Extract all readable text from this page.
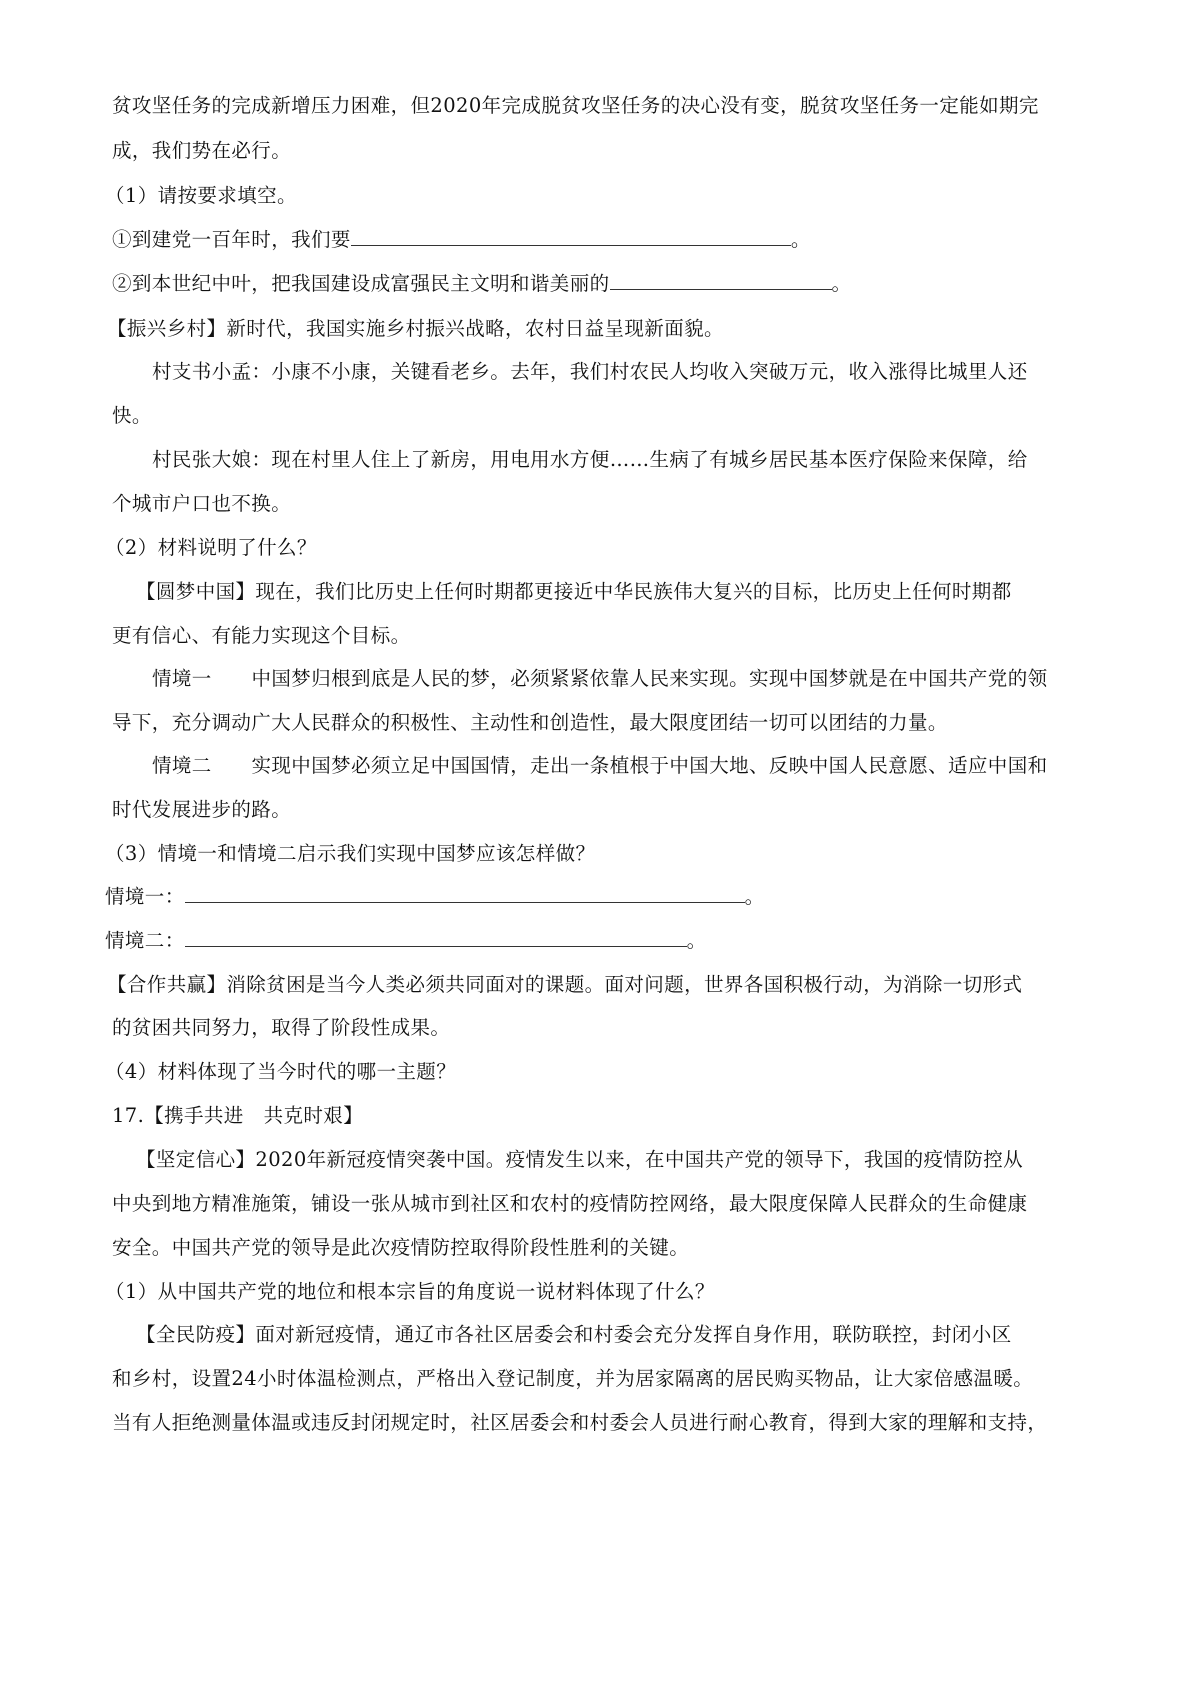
贫攻坚任务的完成新增压力困难，但2020年完成脱贫攻坚任务的决心没有变，脱贫攻坚任务一定能如期完
成，我们势在必行。
（1）请按要求填空。
①到建党一百年时，我们要	。
②到本世纪中叶，把我国建设成富强民主文明和谐美丽的	。
【振兴乡村】新时代，我国实施乡村振兴战略，农村日益呈现新面貌。
村支书小孟：小康不小康，关键看老乡。去年，我们村农民人均收入突破万元，收入涨得比城里人还
快。
村民张大娘：现在村里人住上了新房，用电用水方便……生病了有城乡居民基本医疗保险来保障，给
个城市户口也不换。
（2）材料说明了什么？
【圆梦中国】现在，我们比历史上任何时期都更接近中华民族伟大复兴的目标，比历史上任何时期都
更有信心、有能力实现这个目标。
情境一　　中国梦归根到底是人民的梦，必须紧紧依靠人民来实现。实现中国梦就是在中国共产党的领
导下，充分调动广大人民群众的积极性、主动性和创造性，最大限度团结一切可以团结的力量。
情境二　　实现中国梦必须立足中国国情，走出一条植根于中国大地、反映中国人民意愿、适应中国和
时代发展进步的路。
（3）情境一和情境二启示我们实现中国梦应该怎样做？
情境一：	。
情境二：	。
【合作共赢】消除贫困是当今人类必须共同面对的课题。面对问题，世界各国积极行动，为消除一切形式
的贫困共同努力，取得了阶段性成果。
（4）材料体现了当今时代的哪一主题？
17.【携手共进　共克时艰】
【坚定信心】2020年新冠疫情突袭中国。疫情发生以来，在中国共产党的领导下，我国的疫情防控从
中央到地方精准施策，铺设一张从城市到社区和农村的疫情防控网络，最大限度保障人民群众的生命健康
安全。中国共产党的领导是此次疫情防控取得阶段性胜利的关键。
（1）从中国共产党的地位和根本宗旨的角度说一说材料体现了什么？
【全民防疫】面对新冠疫情，通辽市各社区居委会和村委会充分发挥自身作用，联防联控，封闭小区
和乡村，设置24小时体温检测点，严格出入登记制度，并为居家隔离的居民购买物品，让大家倍感温暖。
当有人拒绝测量体温或违反封闭规定时，社区居委会和村委会人员进行耐心教育，得到大家的理解和支持，
